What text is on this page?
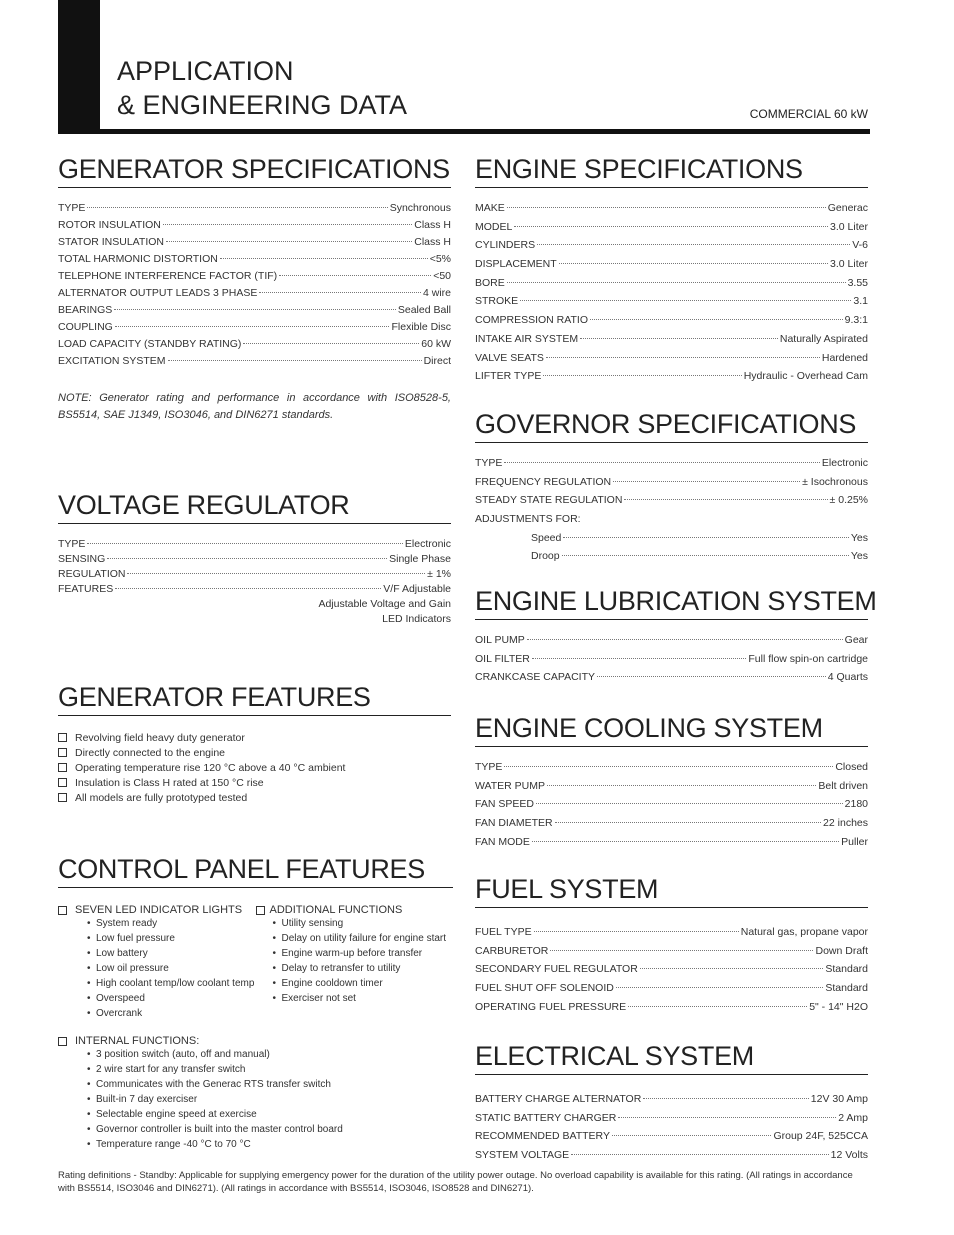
APPLICATION
& ENGINEERING DATA	COMMERCIAL 60 kW
GENERATOR SPECIFICATIONS
TYPE	Synchronous
ROTOR INSULATION	Class H
STATOR INSULATION	Class H
TOTAL HARMONIC DISTORTION	<5%
TELEPHONE INTERFERENCE FACTOR (TIF)	<50
ALTERNATOR OUTPUT LEADS 3 PHASE	4 wire
BEARINGS	Sealed Ball
COUPLING	Flexible Disc
LOAD CAPACITY (STANDBY RATING)	60 kW
EXCITATION SYSTEM	Direct
NOTE: Generator rating and performance in accordance with ISO8528-5, BS5514, SAE J1349, ISO3046, and DIN6271 standards.
VOLTAGE REGULATOR
TYPE	Electronic
SENSING	Single Phase
REGULATION	± 1%
FEATURES	V/F Adjustable
Adjustable Voltage and Gain
LED Indicators
GENERATOR FEATURES
Revolving field heavy duty generator
Directly connected to the engine
Operating temperature rise 120 °C above a 40 °C ambient
Insulation is Class H rated at 150 °C rise
All models are fully prototyped tested
CONTROL PANEL FEATURES
SEVEN LED INDICATOR LIGHTS
• System ready
• Low fuel pressure
• Low battery
• Low oil pressure
• High coolant temp/low coolant temp
• Overspeed
• Overcrank
ADDITIONAL FUNCTIONS
• Utility sensing
• Delay on utility failure for engine start
• Engine warm-up before transfer
• Delay to retransfer to utility
• Engine cooldown timer
• Exerciser not set
INTERNAL FUNCTIONS:
• 3 position switch (auto, off and manual)
• 2 wire start for any transfer switch
• Communicates with the Generac RTS transfer switch
• Built-in 7 day exerciser
• Selectable engine speed at exercise
• Governor controller is built into the master control board
• Temperature range -40 °C to 70 °C
ENGINE SPECIFICATIONS
MAKE	Generac
MODEL	3.0 Liter
CYLINDERS	V-6
DISPLACEMENT	3.0 Liter
BORE	3.55
STROKE	3.1
COMPRESSION RATIO	9.3:1
INTAKE AIR SYSTEM	Naturally Aspirated
VALVE SEATS	Hardened
LIFTER TYPE	Hydraulic - Overhead Cam
GOVERNOR SPECIFICATIONS
TYPE	Electronic
FREQUENCY REGULATION	± Isochronous
STEADY STATE REGULATION	± 0.25%
ADJUSTMENTS FOR:
Speed	Yes
Droop	Yes
ENGINE LUBRICATION SYSTEM
OIL PUMP	Gear
OIL FILTER	Full flow spin-on cartridge
CRANKCASE CAPACITY	4 Quarts
ENGINE COOLING SYSTEM
TYPE	Closed
WATER PUMP	Belt driven
FAN SPEED	2180
FAN DIAMETER	22 inches
FAN MODE	Puller
FUEL SYSTEM
FUEL TYPE	Natural gas, propane vapor
CARBURETOR	Down Draft
SECONDARY FUEL REGULATOR	Standard
FUEL SHUT OFF SOLENOID	Standard
OPERATING FUEL PRESSURE	5" - 14" H2O
ELECTRICAL SYSTEM
BATTERY CHARGE ALTERNATOR	12V 30 Amp
STATIC BATTERY CHARGER	2 Amp
RECOMMENDED BATTERY	Group 24F, 525CCA
SYSTEM VOLTAGE	12 Volts
Rating definitions - Standby: Applicable for supplying emergency power for the duration of the utility power outage. No overload capability is available for this rating. (All ratings in accordance with BS5514, ISO3046 and DIN6271). (All ratings in accordance with BS5514, ISO3046, ISO8528 and DIN6271).
